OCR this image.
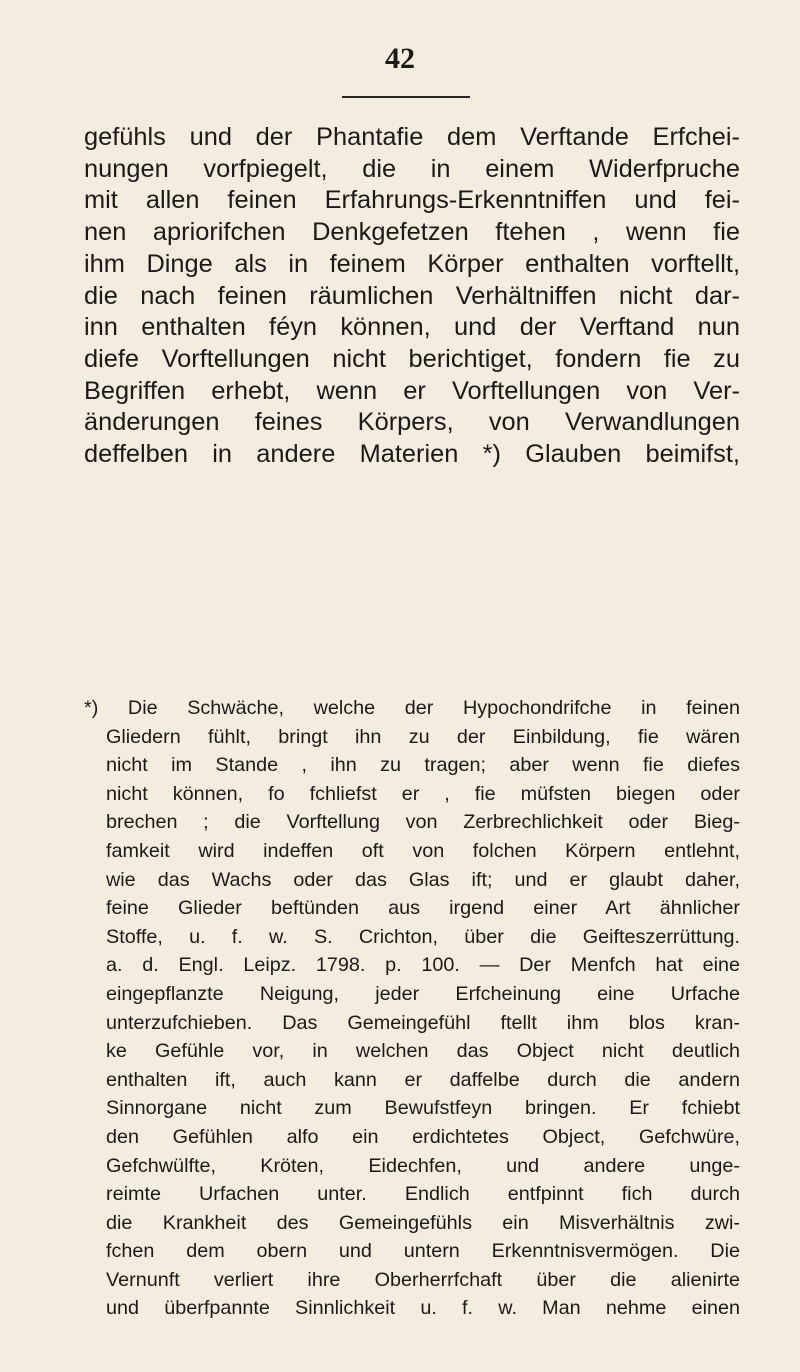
42
gefühls und der Phantafie dem Verftande Erfchei-
nungen vorfpiegelt, die in einem Widerfpruche
mit allen feinen Erfahrungs-Erkenntniffen und fei-
nen apriorifchen Denkgefetzen ftehen , wenn fie
ihm Dinge als in feinem Körper enthalten vorftellt,
die nach feinen räumlichen Verhältniffen nicht dar-
inn enthalten féyn können, und der Verftand nun
diefe Vorftellungen nicht berichtiget, fondern fie zu
Begriffen erhebt, wenn er Vorftellungen von Ver-
änderungen feines Körpers, von Verwandlungen
deffelben in andere Materien *) Glauben beimifst,
*) Die Schwäche, welche der Hypochondrifche in feinen
Gliedern fühlt, bringt ihn zu der Einbildung, fie wären
nicht im Stande , ihn zu tragen; aber wenn fie diefes
nicht können, fo fchliefst er , fie müfsten biegen oder
brechen ; die Vorftellung von Zerbrechlichkeit oder Bieg-
famkeit wird indeffen oft von folchen Körpern entlehnt,
wie das Wachs oder das Glas ift; und er glaubt daher,
feine Glieder beftünden aus irgend einer Art ähnlicher
Stoffe, u. f. w. S. Crichton, über die Geifteszerrüttung.
a. d. Engl. Leipz. 1798. p. 100. — Der Menfch hat eine
eingepflanzte Neigung, jeder Erfcheinung eine Urfache
unterzufchieben. Das Gemeingefühl ftellt ihm blos kran-
ke Gefühle vor, in welchen das Object nicht deutlich
enthalten ift, auch kann er daffelbe durch die andern
Sinnorgane nicht zum Bewufstfeyn bringen. Er fchiebt
den Gefühlen alfo ein erdichtetes Object, Gefchwüre,
Gefchwülfte, Kröten, Eidechfen, und andere unge-
reimte Urfachen unter. Endlich entfpinnt fich durch
die Krankheit des Gemeingefühls ein Misverhältnis zwi-
fchen dem obern und untern Erkenntnisvermögen. Die
Vernunft verliert ihre Oberherrfchaft über die alienirte
und überfpannte Sinnlichkeit u. f. w. Man nehme einen
